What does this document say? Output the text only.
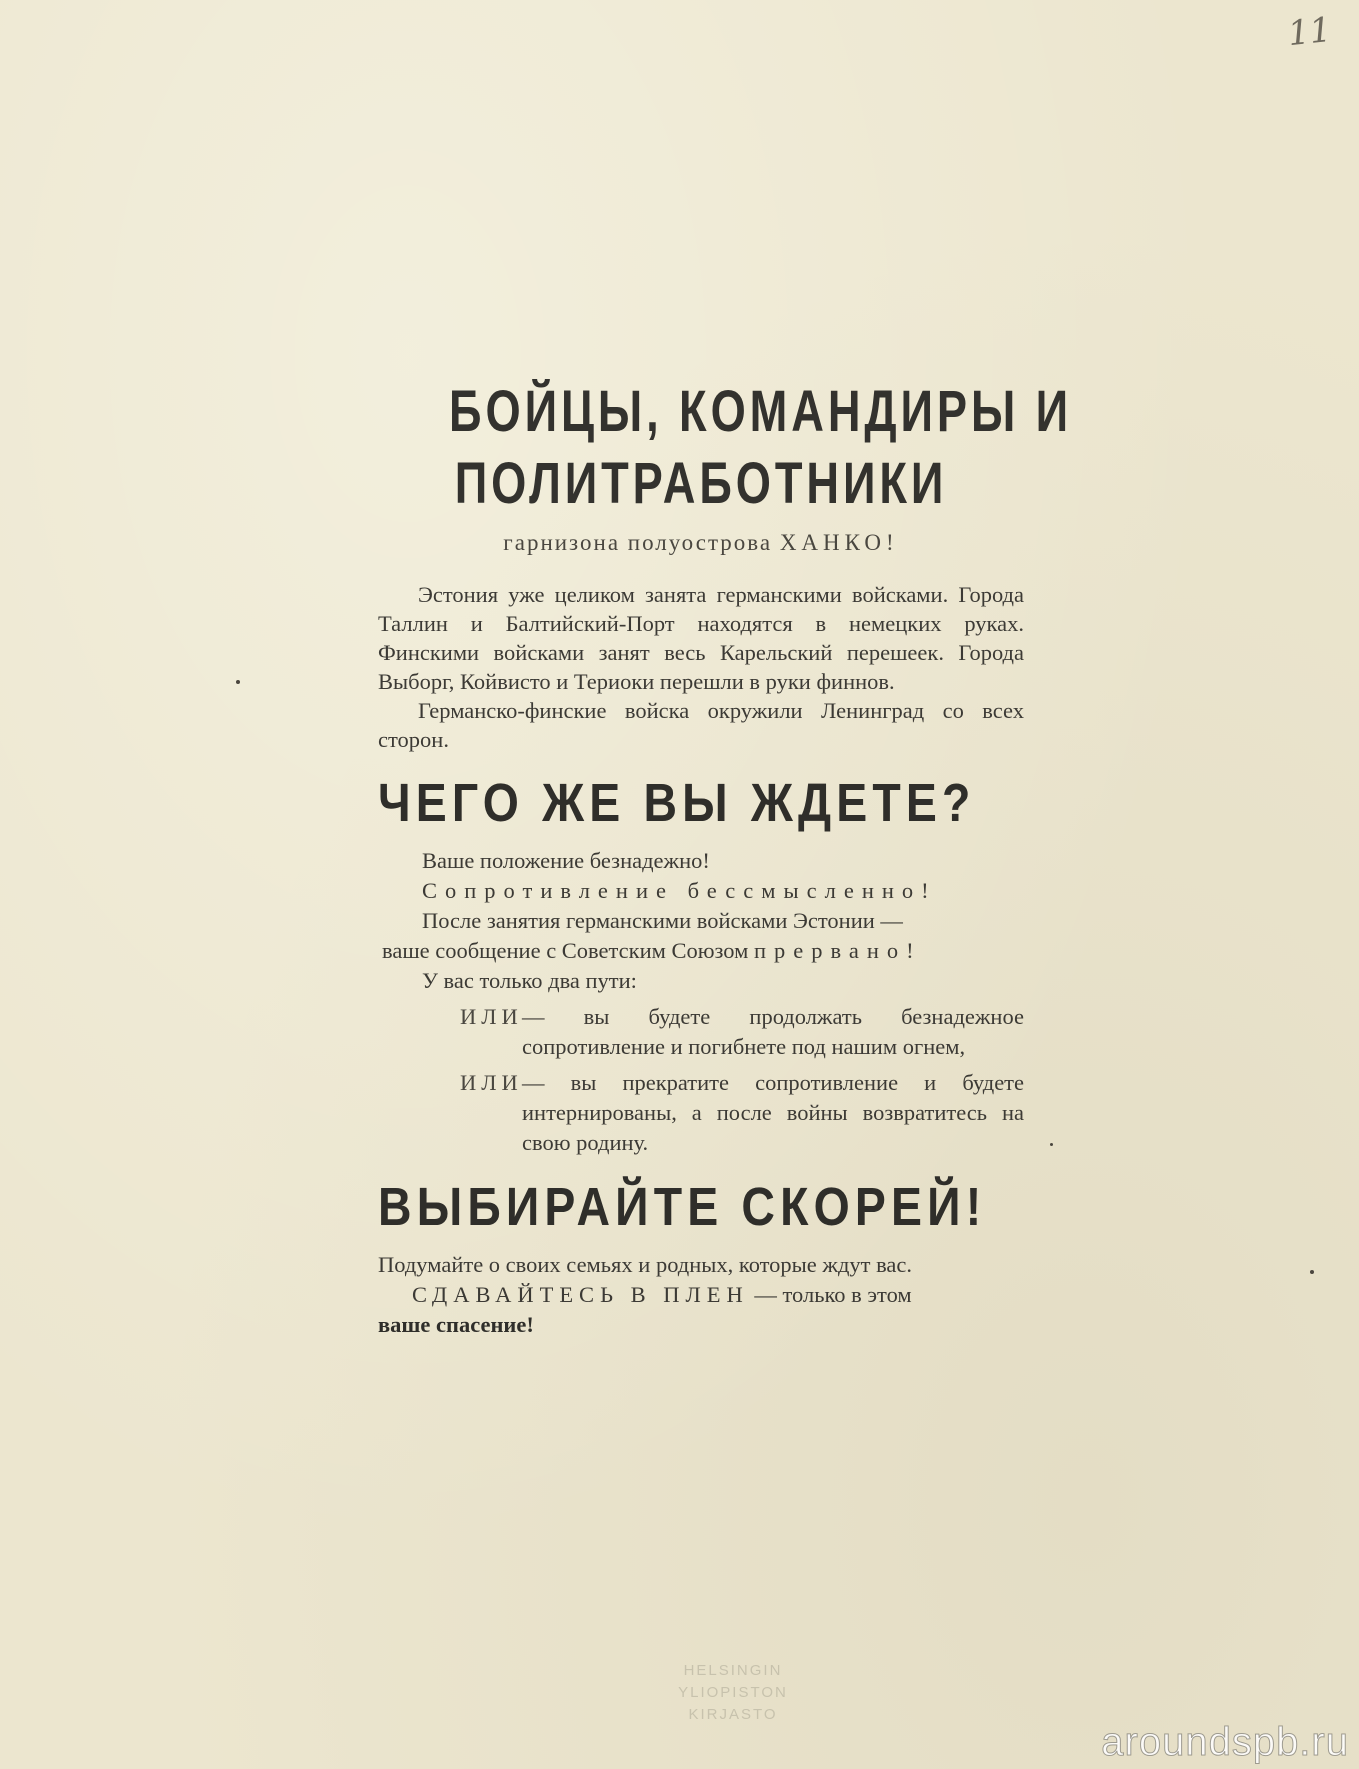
11
БОЙЦЫ, КОМАНДИРЫ И
ПОЛИТРАБОТНИКИ
гарнизона полуострова ХАНКО!

Эстония уже целиком занята германскими войсками. Города Таллин и Балтийский-Порт находятся в немецких руках. Финскими войсками занят весь Карельский перешеек. Города Выборг, Койвисто и Териоки перешли в руки финнов.

Германско-финские войска окружили Ленинград со всех сторон.

ЧЕГО ЖЕ ВЫ ЖДЕТЕ?
Ваше положение безнадежно!
Сопротивление бессмысленно!
После занятия германскими войсками Эстонии —
ваше сообщение с Советским Союзом прервано!
У вас только два пути:
ИЛИ — вы будете продолжать безнадежное сопротивление и погибнете под нашим огнем,
ИЛИ — вы прекратите сопротивление и будете интернированы, а после войны возвратитесь на свою родину.
ВЫБИРАЙТЕ СКОРЕЙ!
Подумайте о своих семьях и родных, которые ждут вас.
СДАВАЙТЕСЬ В ПЛЕН — только в этом
ваше спасение!
HELSINGIN
YLIOPISTON
KIRJASTO
aroundspb.ru
